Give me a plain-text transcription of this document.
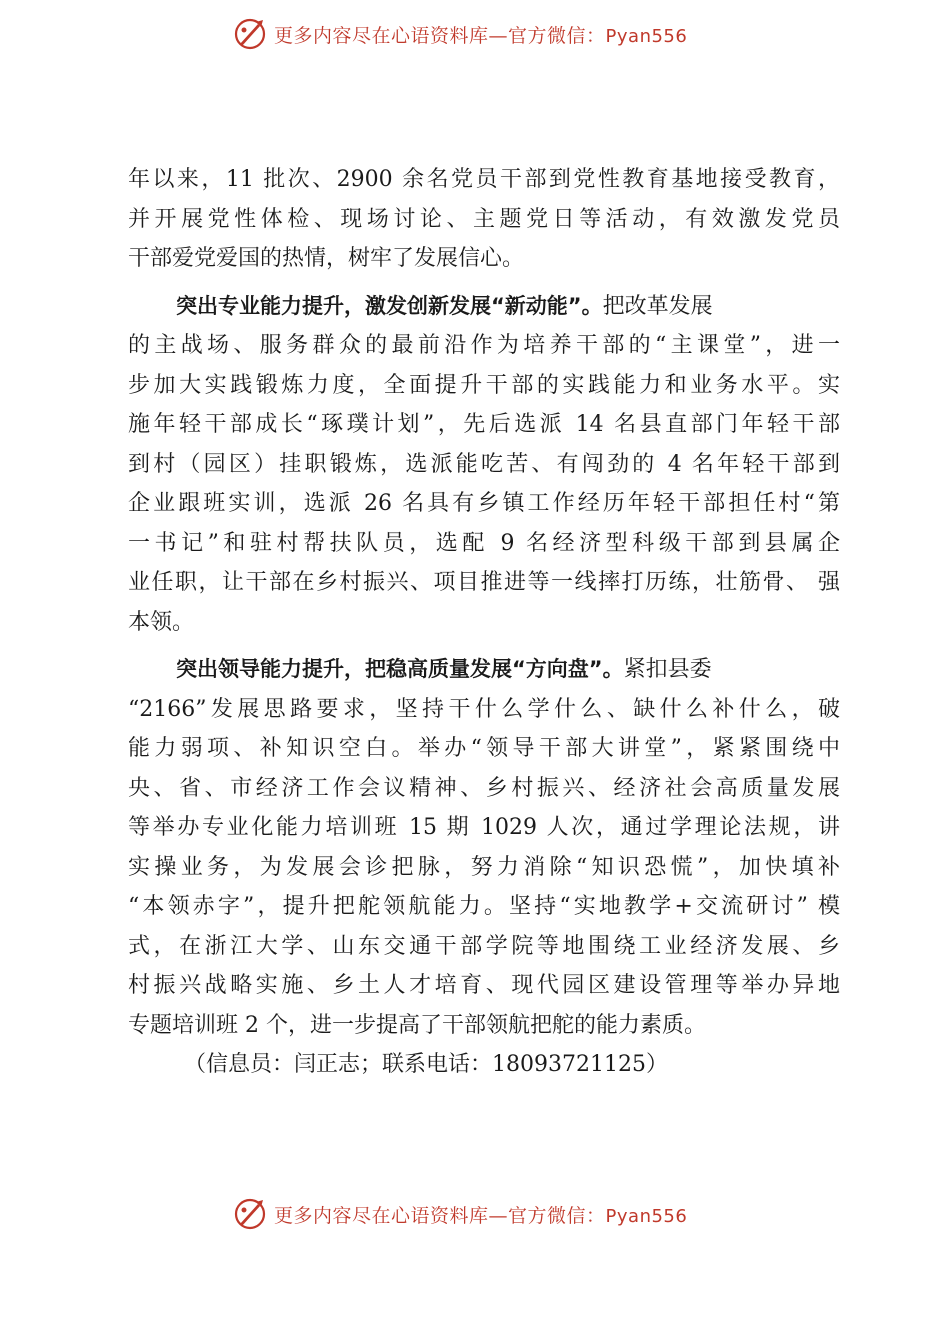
更多内容尽在心语资料库—官方微信：Pyan556
年以来，11 批次、2900 余名党员干部到党性教育基地接受教育，
并开展党性体检、现场讨论、主题党日等活动，有效激发党员
干部爱党爱国的热情，树牢了发展信心。
突出专业能力提升，激发创新发展“新动能”。把改革发展
的主战场、服务群众的最前沿作为培养干部的“主课堂”，进一
步加大实践锻炼力度，全面提升干部的实践能力和业务水平。实
施年轻干部成长“琢璞计划”，先后选派 14 名县直部门年轻干部
到村（园区）挂职锻炼，选派能吃苦、有闯劲的 4 名年轻干部到
企业跟班实训，选派 26 名具有乡镇工作经历年轻干部担任村“第
一书记”和驻村帮扶队员，选配 9 名经济型科级干部到县属企
业任职，让干部在乡村振兴、项目推进等一线摔打历练，壮筋骨、 强
本领。
突出领导能力提升，把稳高质量发展“方向盘”。紧扣县委
“2166”发展思路要求，坚持干什么学什么、缺什么补什么，破
能力弱项、补知识空白。举办“领导干部大讲堂”，紧紧围绕中
央、省、市经济工作会议精神、乡村振兴、经济社会高质量发展
等举办专业化能力培训班 15 期 1029 人次，通过学理论法规，讲
实操业务，为发展会诊把脉，努力消除“知识恐慌”，加快填补
“本领赤字”，提升把舵领航能力。坚持“实地教学+交流研讨” 模
式，在浙江大学、山东交通干部学院等地围绕工业经济发展、乡
村振兴战略实施、乡土人才培育、现代园区建设管理等举办异地
专题培训班 2 个，进一步提高了干部领航把舵的能力素质。
（信息员：闫正志；联系电话：18093721125）
更多内容尽在心语资料库—官方微信：Pyan556
